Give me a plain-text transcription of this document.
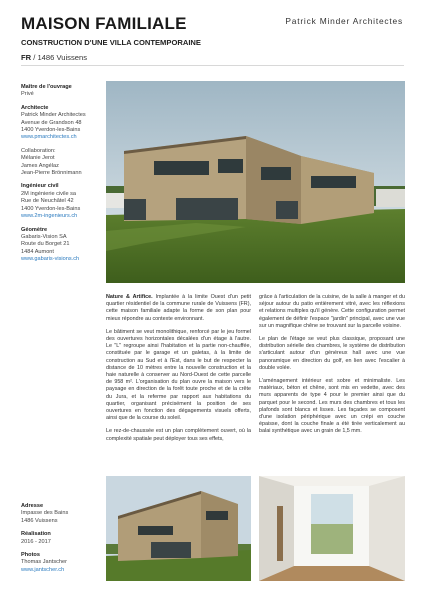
MAISON FAMILIALE
CONSTRUCTION D'UNE VILLA CONTEMPORAINE
FR / 1486 Vuissens
Patrick Minder Architectes
Maître de l'ouvrage
Privé
Architecte
Patrick Minder Architectes
Avenue de Grandson 48
1400 Yverdon-les-Bains
www.pmarchitectes.ch
Collaboration:
Mélanie Jerot
James Angélaz
Jean-Pierre Brönnimann
Ingénieur civil
2M ingénierie civile sa
Rue de Neuchâtel 42
1400 Yverdon-les-Bains
www.2m-ingenieurs.ch
Géomètre
Gabaris-Vision SA
Route du Borget 21
1484 Aumont
www.gabaris-visions.ch
Adresse
Impasse des Bains
1486 Vuissens
Réalisation
2016 - 2017
Photos
Thomas Jantscher
www.jantscher.ch

Nature & Artifice. Implantée à la limite Ouest d'un petit quartier résidentiel de la commune rurale de Vuissens (FR), cette maison familiale adapte la forme de son plan pour mieux répondre au contexte environnant.

Le bâtiment se veut monolithique, renforcé par le jeu formel des ouvertures horizontales décalées d'un étage à l'autre. Le "L" regroupe ainsi l'habitation et la partie non-chauffée, constituée par le garage et un galetas, à la limite de construction au Sud et à l'Est, dans le but de respecter la distance de 10 mètres entre la nouvelle construction et la haie naturelle à conserver au Nord-Ouest de cette parcelle de 958 m². L'organisation du plan ouvre la maison vers le paysage en direction de la forêt toute proche et de la crête du Jura, et la referme par rapport aux habitations du quartier, organisant précisément la position de ses ouvertures en fonction des dégagements visuels offerts, ainsi que de la course du soleil.

Le rez-de-chaussée est un plan complètement ouvert, où la complexité spatiale peut déployer tous ses effets,

grâce à l'articulation de la cuisine, de la salle à manger et du séjour autour du patio entièrement vitré, avec les réflexions et relations multiples qu'il génère. Cette configuration permet également de définir l'espace "jardin" principal, avec une vue sur un magnifique chêne se trouvant sur la parcelle voisine.

Le plan de l'étage se veut plus classique, proposant une distribution sérielle des chambres, le système de distribution s'articulant autour d'un généreux hall avec une vue panoramique en direction du golf, en lien avec l'escalier à double volée.

L'aménagement intérieur est sobre et minimaliste. Les matériaux, béton et chêne, sont mis en vedette, avec des murs apparents de type 4 pour le premier ainsi que du parquet pour le second. Les murs des chambres et tous les plafonds sont blancs et lisses. Les façades se composent d'une isolation périphérique avec un crépi en couche épaisse, dont la couche finale a été tirée verticalement au balai synthétique avec un grain de 1,5 mm.
